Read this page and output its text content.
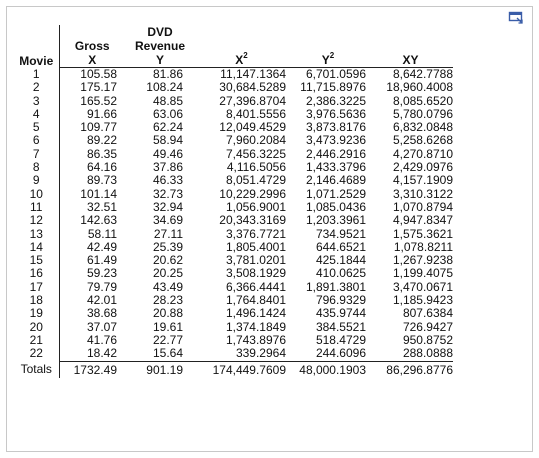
		DVD			
	Gross	Revenue			
Movie	X	Y	$X^2$	$Y^2$	XY
1	105.58	81.86	11,147.1364	6,701.0596	8,642.7788
2	175.17	108.24	30,684.5289	11,715.8976	18,960.4008
3	165.52	48.85	27,396.8704	2,386.3225	8,085.6520
4	91.66	63.06	8,401.5556	3,976.5636	5,780.0796
5	109.77	62.24	12,049.4529	3,873.8176	6,832.0848
6	89.22	58.94	7,960.2084	3,473.9236	5,258.6268
7	86.35	49.46	7,456.3225	2,446.2916	4,270.8710
8	64.16	37.86	4,116.5056	1,433.3796	2,429.0976
9	89.73	46.33	8,051.4729	2,146.4689	4,157.1909
10	101.14	32.73	10,229.2996	1,071.2529	3,310.3122
11	32.51	32.94	1,056.9001	1,085.0436	1,070.8794
12	142.63	34.69	20,343.3169	1,203.3961	4,947.8347
13	58.11	27.11	3,376.7721	734.9521	1,575.3621
14	42.49	25.39	1,805.4001	644.6521	1,078.8211
15	61.49	20.62	3,781.0201	425.1844	1,267.9238
16	59.23	20.25	3,508.1929	410.0625	1,199.4075
17	79.79	43.49	6,366.4441	1,891.3801	3,470.0671
18	42.01	28.23	1,764.8401	796.9329	1,185.9423
19	38.68	20.88	1,496.1424	435.9744	807.6384
20	37.07	19.61	1,374.1849	384.5521	726.9427
21	41.76	22.77	1,743.8976	518.4729	950.8752
22	18.42	15.64	339.2964	244.6096	288.0888
Totals	1732.49	901.19	174,449.7609	48,000.1903	86,296.8776
